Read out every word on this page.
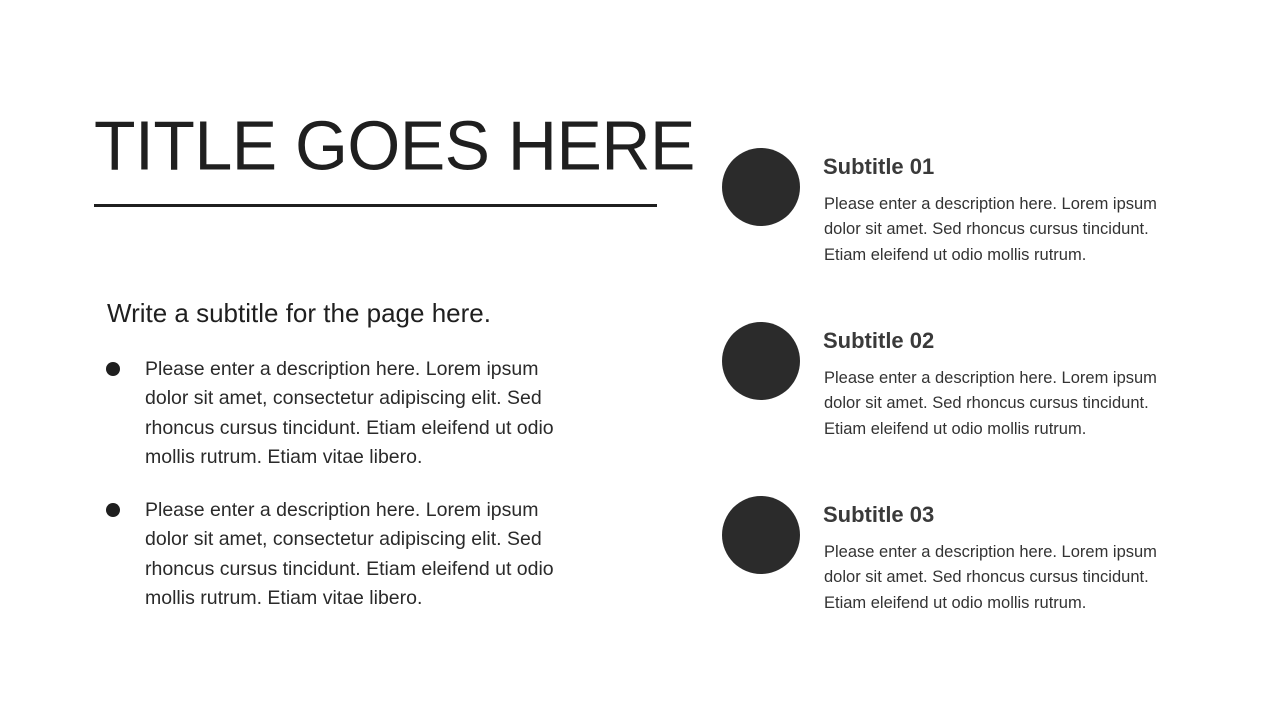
TITLE GOES HERE
Write a subtitle for the page here.
Please enter a description here. Lorem ipsum dolor sit amet, consectetur adipiscing elit. Sed rhoncus cursus tincidunt. Etiam eleifend ut odio mollis rutrum. Etiam vitae libero.
Please enter a description here. Lorem ipsum dolor sit amet, consectetur adipiscing elit. Sed rhoncus cursus tincidunt. Etiam eleifend ut odio mollis rutrum. Etiam vitae libero.
Subtitle 01
Please enter a description here. Lorem ipsum dolor sit amet. Sed rhoncus cursus tincidunt. Etiam eleifend ut odio mollis rutrum.
Subtitle 02
Please enter a description here. Lorem ipsum dolor sit amet. Sed rhoncus cursus tincidunt. Etiam eleifend ut odio mollis rutrum.
Subtitle 03
Please enter a description here. Lorem ipsum dolor sit amet. Sed rhoncus cursus tincidunt. Etiam eleifend ut odio mollis rutrum.
